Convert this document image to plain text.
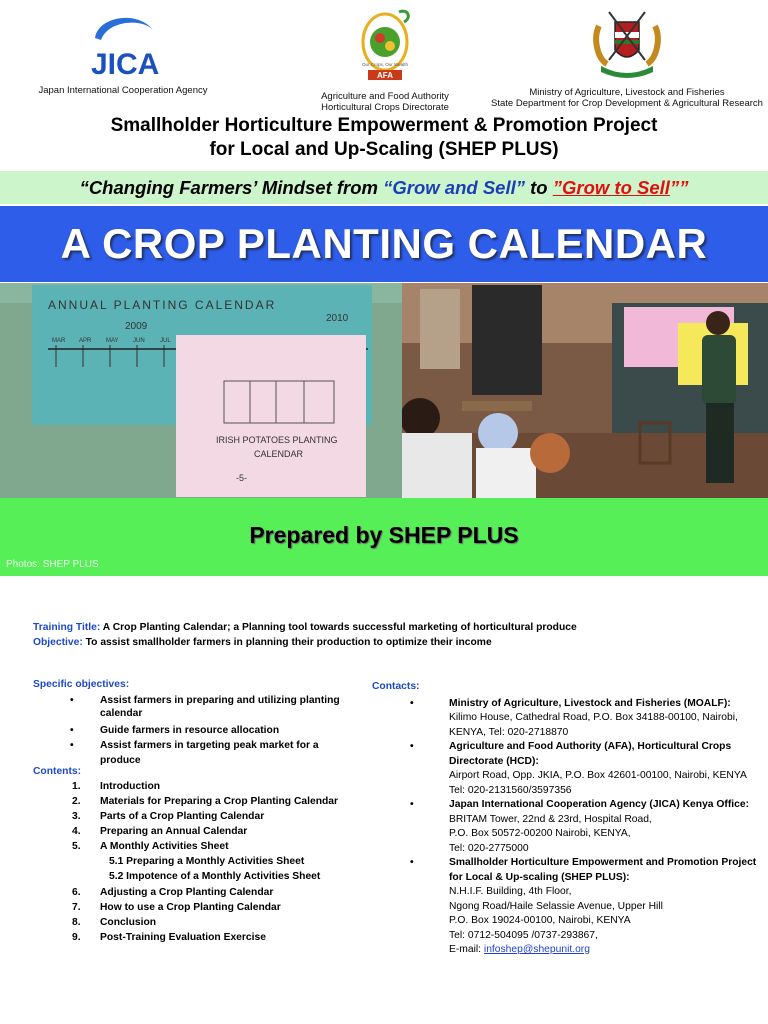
JICA
Japan International Cooperation Agency
AFA
Our Crops, Our Wealth
Agriculture and Food Authority
Horticultural Crops Directorate
Ministry of Agriculture, Livestock and Fisheries
State Department for Crop Development & Agricultural Research
Smallholder Horticulture Empowerment & Promotion Project
for Local and Up-Scaling (SHEP PLUS)
“Changing Farmers’ Mindset from “Grow and Sell” to ”Grow to Sell””
A CROP PLANTING CALENDAR
ANNUAL PLANTING CALENDAR
2009
2010
MAR APR MAY JUN	JUL
IRISH POTATOES PLANTING
CALENDAR
-5-
Prepared by SHEP PLUS
Photos: SHEP PLUS
Training Title: A Crop Planting Calendar; a Planning tool towards successful marketing of horticultural produce
Objective: To assist smallholder farmers in planning their production to optimize their income
Specific objectives:
•	Assist farmers in preparing and utilizing planting calendar
•	Guide farmers in resource allocation
•	Assist farmers in targeting peak market for a produce
Contents:
1.	Introduction
2.	Materials for Preparing a Crop Planting Calendar
3.	Parts of a Crop Planting Calendar
4.	Preparing an Annual Calendar
5.	A Monthly Activities Sheet
5.1 Preparing a Monthly Activities Sheet
5.2 Impotence of a Monthly Activities Sheet
6.	Adjusting a Crop Planting Calendar
7.	How to use a Crop Planting Calendar
8.	Conclusion
9.	Post-Training Evaluation Exercise
Contacts:
•	Ministry of Agriculture, Livestock and Fisheries (MOALF):
Kilimo House, Cathedral Road, P.O. Box 34188-00100, Nairobi, KENYA, Tel: 020-2718870
•	Agriculture and Food Authority (AFA), Horticultural Crops Directorate (HCD):
Airport Road, Opp. JKIA, P.O. Box 42601-00100, Nairobi, KENYA
Tel: 020-2131560/3597356
•	Japan International Cooperation Agency (JICA) Kenya Office:
BRITAM Tower, 22nd & 23rd, Hospital Road,
P.O. Box 50572-00200 Nairobi, KENYA,
Tel: 020-2775000
•	Smallholder Horticulture Empowerment and Promotion Project for Local & Up-scaling (SHEP PLUS):
N.H.I.F. Building, 4th Floor,
Ngong Road/Haile Selassie Avenue, Upper Hill
P.O. Box 19024-00100, Nairobi, KENYA
Tel: 0712-504095 /0737-293867,
E-mail: infoshep@shepunit.org
